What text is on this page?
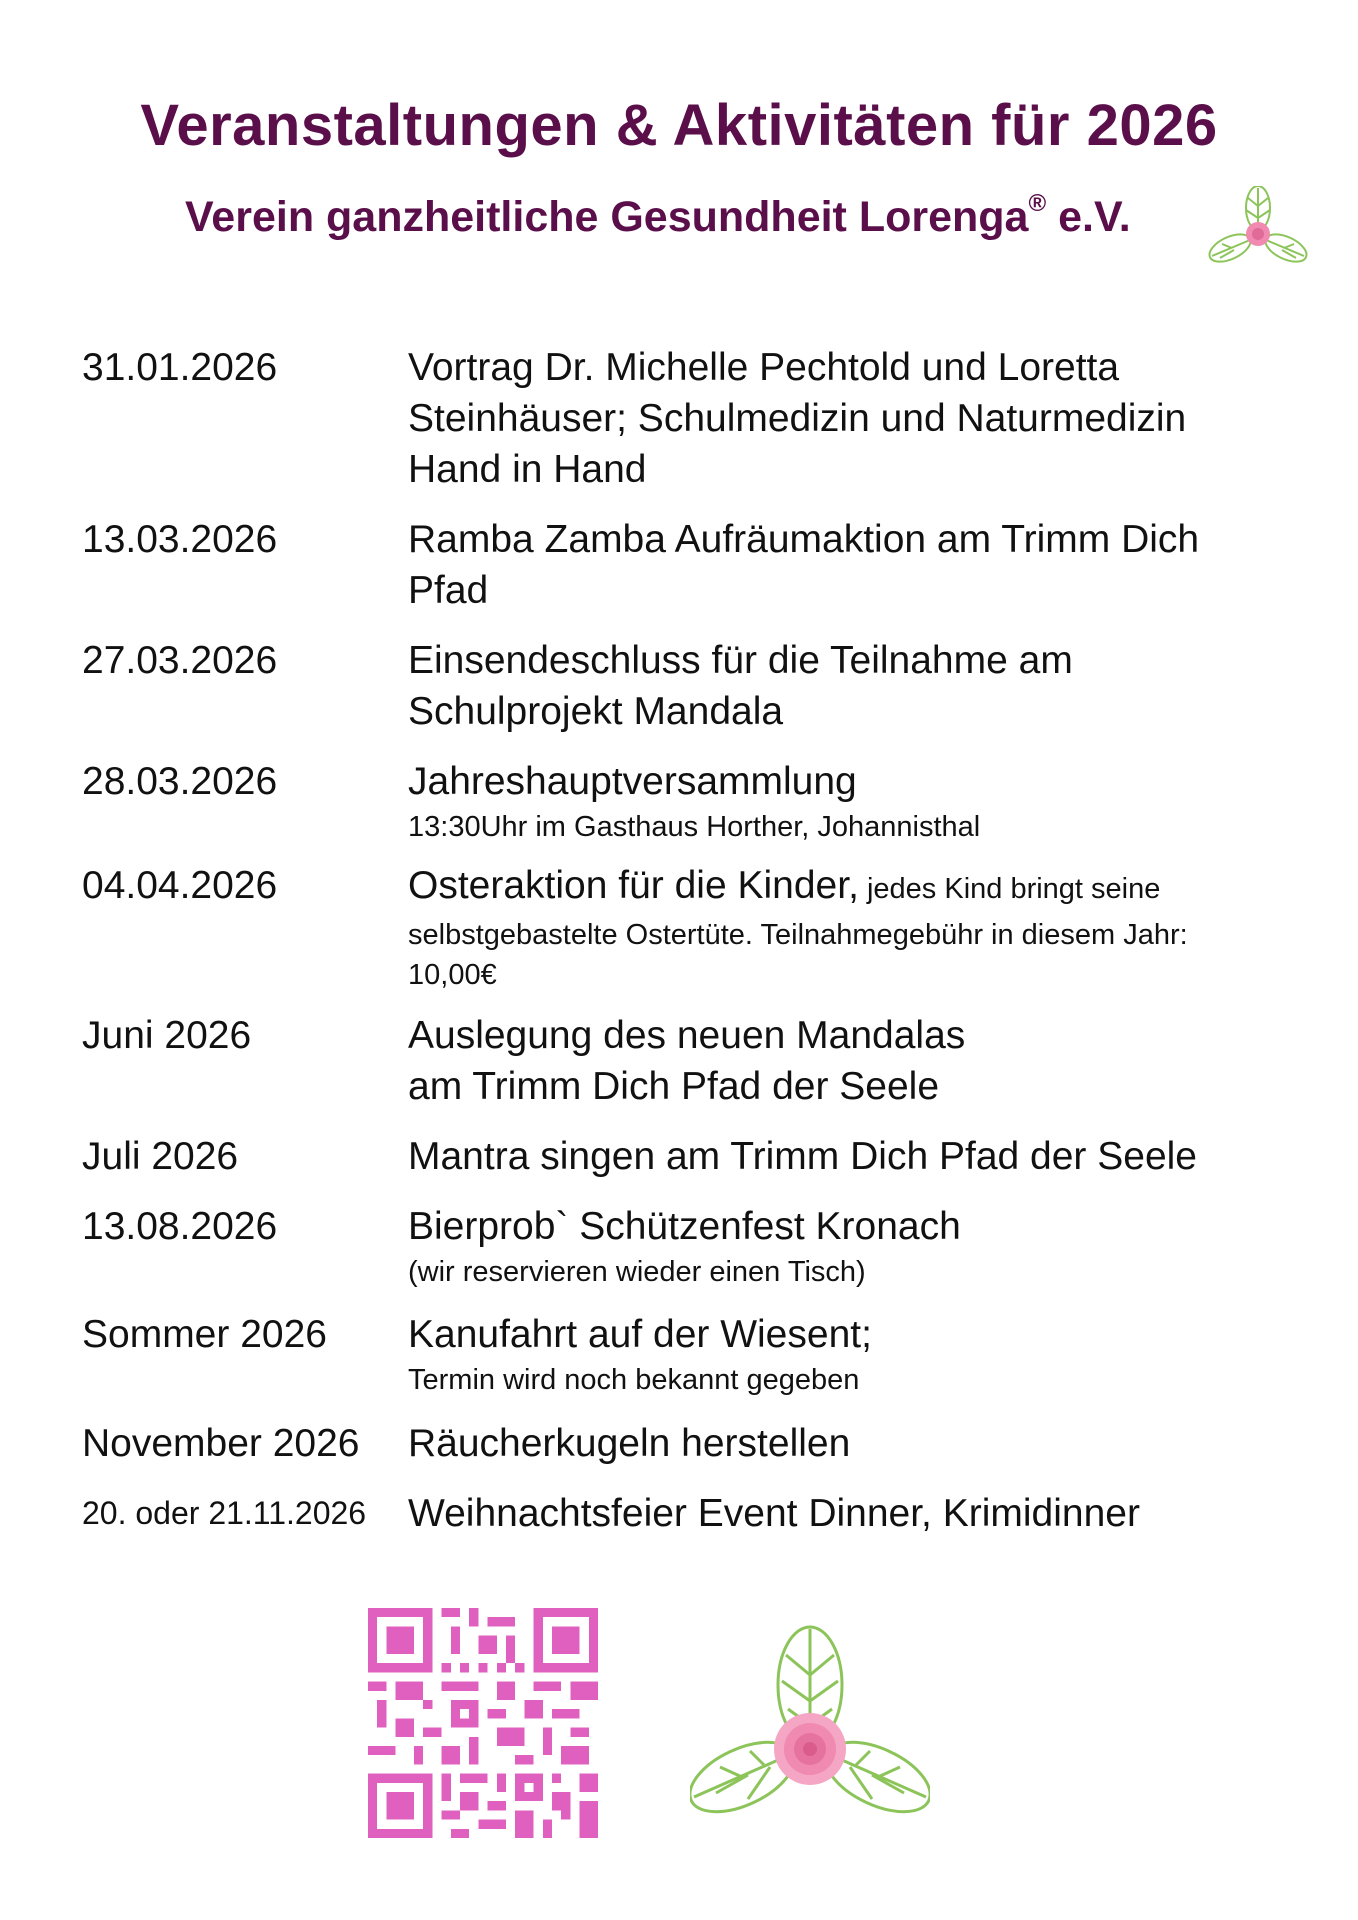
Veranstaltungen & Aktivitäten für 2026

Verein ganzheitliche Gesundheit Lorenga® e.V.

31.01.2026	Vortrag Dr. Michelle Pechtold und Loretta
Steinhäuser; Schulmedizin und Naturmedizin
Hand in Hand
13.03.2026	Ramba Zamba Aufräumaktion am Trimm Dich
Pfad
27.03.2026	Einsendeschluss für die Teilnahme am
Schulprojekt Mandala
28.03.2026	Jahreshauptversammlung
13:30Uhr im Gasthaus Horther, Johannisthal
04.04.2026	Osteraktion für die Kinder, jedes Kind bringt seine
selbstgebastelte Ostertüte. Teilnahmegebühr in diesem Jahr:
10,00€
Juni 2026	Auslegung des neuen Mandalas
am Trimm Dich Pfad der Seele
Juli 2026	Mantra singen am Trimm Dich Pfad der Seele
13.08.2026	Bierprob` Schützenfest Kronach
(wir reservieren wieder einen Tisch)
Sommer 2026	Kanufahrt auf der Wiesent;
Termin wird noch bekannt gegeben
November 2026	Räucherkugeln herstellen
20. oder 21.11.2026	Weihnachtsfeier Event Dinner, Krimidinner
